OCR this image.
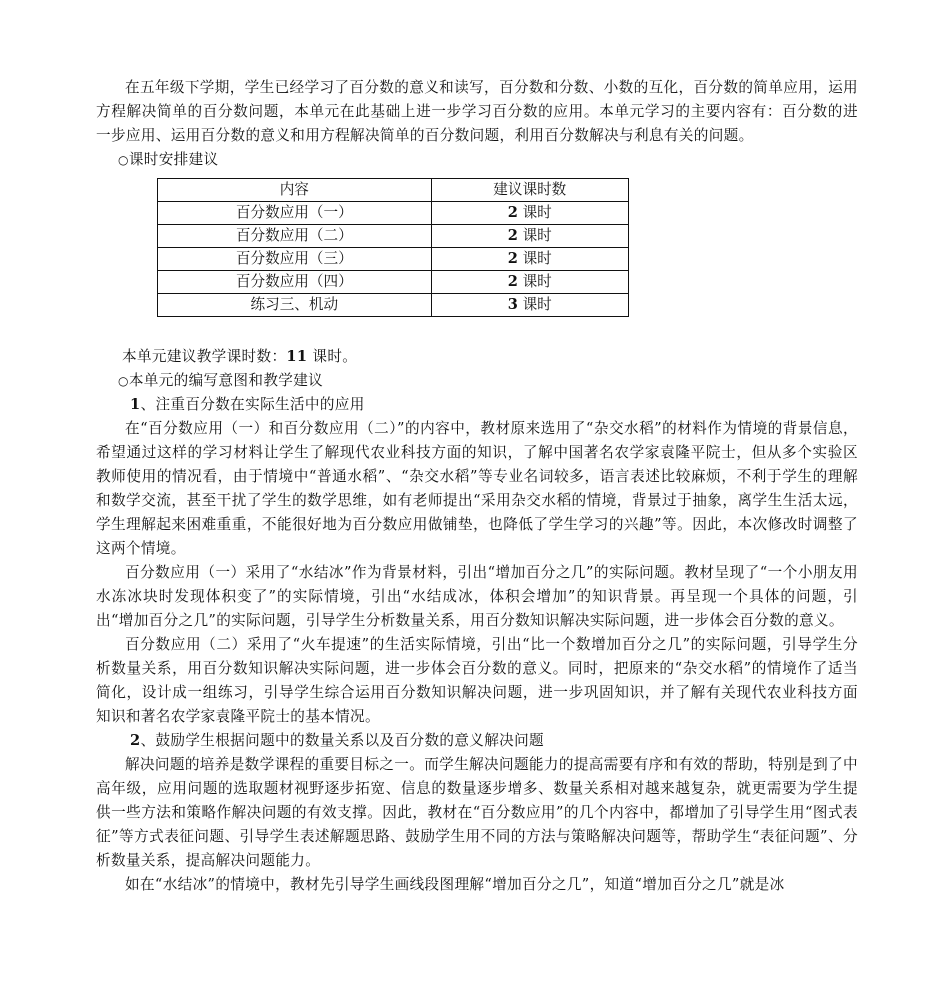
在五年级下学期，学生已经学习了百分数的意义和读写，百分数和分数、小数的互化，百分数的简单应用，运用方程解决简单的百分数问题，本单元在此基础上进一步学习百分数的应用。本单元学习的主要内容有：百分数的进一步应用、运用百分数的意义和用方程解决简单的百分数问题，利用百分数解决与利息有关的问题。

○课时安排建议
内容	建议课时数
百分数应用（一）	2 课时
百分数应用（二）	2 课时
百分数应用（三）	2 课时
百分数应用（四）	2 课时
练习三、机动	3 课时
本单元建议教学课时数：11 课时。
○本单元的编写意图和教学建议
1、注重百分数在实际生活中的应用

在“百分数应用（一）和百分数应用（二）”的内容中，教材原来选用了“杂交水稻”的材料作为情境的背景信息，希望通过这样的学习材料让学生了解现代农业科技方面的知识，了解中国著名农学家袁隆平院士，但从多个实验区教师使用的情况看，由于情境中“普通水稻”、“杂交水稻”等专业名词较多，语言表述比较麻烦，不利于学生的理解和数学交流，甚至干扰了学生的数学思维，如有老师提出“采用杂交水稻的情境，背景过于抽象，离学生生活太远，学生理解起来困难重重，不能很好地为百分数应用做铺垫，也降低了学生学习的兴趣”等。因此，本次修改时调整了这两个情境。

百分数应用（一）采用了“水结冰”作为背景材料，引出“增加百分之几”的实际问题。教材呈现了“一个小朋友用水冻冰块时发现体积变了”的实际情境，引出“水结成冰，体积会增加”的知识背景。再呈现一个具体的问题，引出“增加百分之几”的实际问题，引导学生分析数量关系，用百分数知识解决实际问题，进一步体会百分数的意义。

百分数应用（二）采用了“火车提速”的生活实际情境，引出“比一个数增加百分之几”的实际问题，引导学生分析数量关系，用百分数知识解决实际问题，进一步体会百分数的意义。同时，把原来的“杂交水稻”的情境作了适当简化，设计成一组练习，引导学生综合运用百分数知识解决问题，进一步巩固知识，并了解有关现代农业科技方面知识和著名农学家袁隆平院士的基本情况。

2、鼓励学生根据问题中的数量关系以及百分数的意义解决问题

解决问题的培养是数学课程的重要目标之一。而学生解决问题能力的提高需要有序和有效的帮助，特别是到了中高年级，应用问题的选取题材视野逐步拓宽、信息的数量逐步增多、数量关系相对越来越复杂，就更需要为学生提供一些方法和策略作解决问题的有效支撑。因此，教材在“百分数应用”的几个内容中，都增加了引导学生用“图式表征”等方式表征问题、引导学生表述解题思路、鼓励学生用不同的方法与策略解决问题等，帮助学生“表征问题”、分析数量关系，提高解决问题能力。

如在“水结冰”的情境中，教材先引导学生画线段图理解“增加百分之几”，知道“增加百分之几”就是冰
